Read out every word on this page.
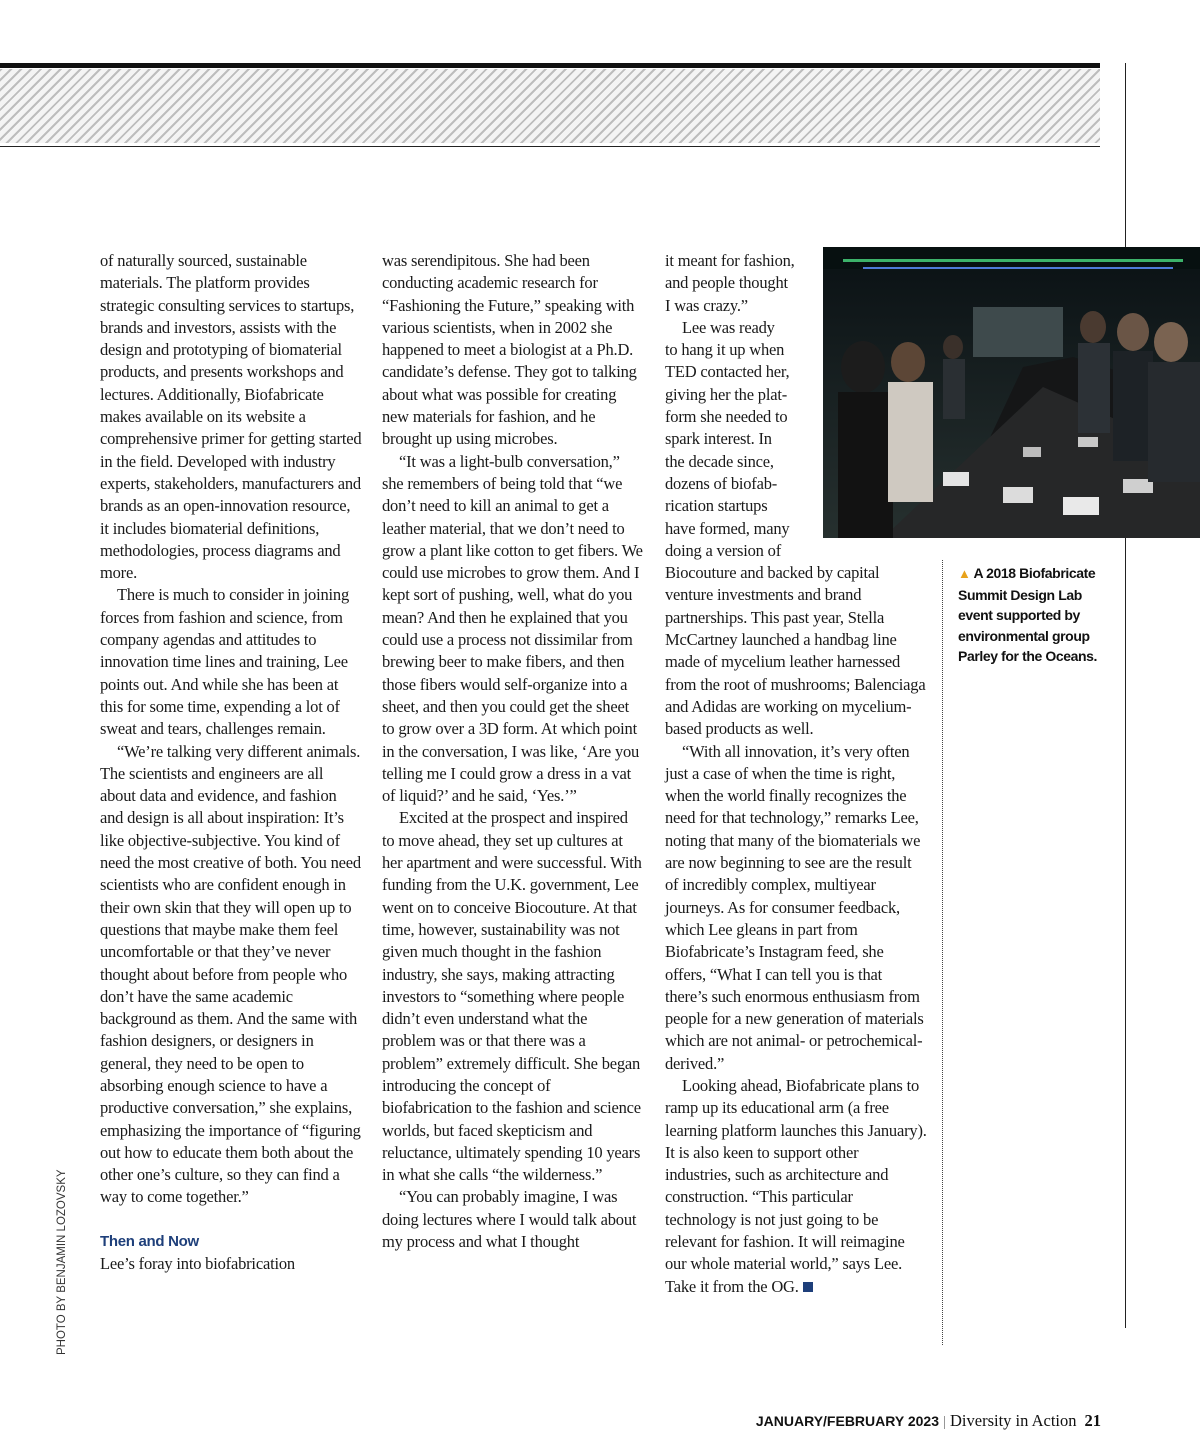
of naturally sourced, sustainable materials. The platform provides strategic consulting services to startups, brands and investors, assists with the design and prototyping of biomaterial products, and presents workshops and lectures. Additionally, Biofabricate makes available on its website a comprehensive primer for getting started in the field. Developed with industry experts, stakeholders, manufacturers and brands as an open-innovation resource, it includes biomaterial definitions, methodologies, process diagrams and more.

There is much to consider in joining forces from fashion and science, from company agendas and attitudes to innovation time lines and training, Lee points out. And while she has been at this for some time, expending a lot of sweat and tears, challenges remain.

“We’re talking very different animals. The scientists and engineers are all about data and evidence, and fashion and design is all about inspiration: It’s like objective-subjective. You kind of need the most creative of both. You need scientists who are confident enough in their own skin that they will open up to questions that maybe make them feel uncomfortable or that they’ve never thought about before from people who don’t have the same academic background as them. And the same with fashion designers, or designers in general, they need to be open to absorbing enough science to have a productive conversation,” she explains, emphasizing the importance of “figuring out how to educate them both about the other one’s culture, so they can find a way to come together.”

Then and Now

Lee’s foray into biofabrication

was serendipitous. She had been conducting academic research for “Fashioning the Future,” speaking with various scientists, when in 2002 she happened to meet a biologist at a Ph.D. candidate’s defense. They got to talking about what was possible for creating new materials for fashion, and he brought up using microbes.

“It was a light-bulb conversation,” she remembers of being told that “we don’t need to kill an animal to get a leather material, that we don’t need to grow a plant like cotton to get fibers. We could use microbes to grow them. And I kept sort of pushing, well, what do you mean? And then he explained that you could use a process not dissimilar from brewing beer to make fibers, and then those fibers would self-organize into a sheet, and then you could get the sheet to grow over a 3D form. At which point in the conversation, I was like, ‘Are you telling me I could grow a dress in a vat of liquid?’ and he said, ‘Yes.’”

Excited at the prospect and inspired to move ahead, they set up cultures at her apartment and were successful. With funding from the U.K. government, Lee went on to conceive Biocouture. At that time, however, sustainability was not given much thought in the fashion industry, she says, making attracting investors to “something where people didn’t even understand what the problem was or that there was a problem” extremely difficult. She began introducing the concept of biofabrication to the fashion and science worlds, but faced skepticism and reluctance, ultimately spending 10 years in what she calls “the wilderness.”

“You can probably imagine, I was doing lectures where I would talk about my process and what I thought

it meant for fashion,
and people thought
I was crazy.”
Lee was ready
to hang it up when
TED contacted her,
giving her the plat-
form she needed to
spark interest. In
the decade since,
dozens of biofab-
rication startups
have formed, many
doing a version of

Biocouture and backed by capital venture investments and brand partnerships. This past year, Stella McCartney launched a handbag line made of mycelium leather harnessed from the root of mushrooms; Balenciaga and Adidas are working on mycelium-based products as well.

“With all innovation, it’s very often just a case of when the time is right, when the world finally recognizes the need for that technology,” remarks Lee, noting that many of the biomaterials we are now beginning to see are the result of incredibly complex, multiyear journeys. As for consumer feedback, which Lee gleans in part from Biofabricate’s Instagram feed, she offers, “What I can tell you is that there’s such enormous enthusiasm from people for a new generation of materials which are not animal- or petrochemical-derived.”

Looking ahead, Biofabricate plans to ramp up its educational arm (a free learning platform launches this January). It is also keen to support other industries, such as architecture and construction. “This particular technology is not just going to be relevant for fashion. It will reimagine our whole material world,” says Lee. Take it from the OG.

▲ A 2018 Biofabricate Summit Design Lab event supported by environmental group Parley for the Oceans.
PHOTO BY BENJAMIN LOZOVSKY
JANUARY/FEBRUARY 2023 | Diversity in Action 21
